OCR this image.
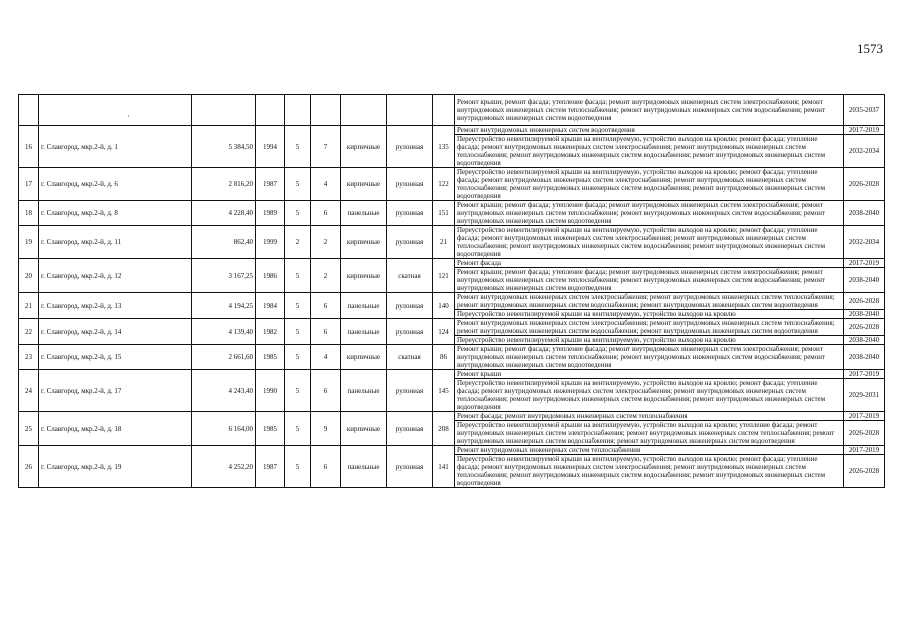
1573
·
									Ремонт крыши; ремонт фасада; утепление фасада; ремонт внутридомовых инженерных систем электроснабжения; ремонт внутридомовых инженерных систем теплоснабжения; ремонт внутридомовых инженерных систем водоснабжения; ремонт внутридомовых инженерных систем водоотведения	2035-2037
16	г. Славгород, мкр.2-й, д. 1	5 384,50	1994	5	7	кирпичные	рулонная	135	Ремонт внутридомовых инженерных систем водоотведения	2017-2019
									Переустройство невентилируемой крыши на вентилируемую, устройство выходов на кровлю; ремонт фасада; утепление фасада; ремонт внутридомовых инженерных систем электроснабжения; ремонт внутридомовых инженерных систем теплоснабжения; ремонт внутридомовых инженерных систем водоснабжения; ремонт внутридомовых инженерных систем водоотведения	2032-2034
17	г. Славгород, мкр.2-й, д. 6	2 816,20	1987	5	4	кирпичные	рулонная	122	Переустройство невентилируемой крыши на вентилируемую, устройство выходов на кровлю; ремонт фасада; утепление фасада; ремонт внутридомовых инженерных систем электроснабжения; ремонт внутридомовых инженерных систем теплоснабжения; ремонт внутридомовых инженерных систем водоснабжения; ремонт внутридомовых инженерных систем водоотведения	2026-2028
18	г. Славгород, мкр.2-й, д. 8	4 228,40	1989	5	6	панельные	рулонная	151	Ремонт крыши; ремонт фасада; утепление фасада; ремонт внутридомовых инженерных систем электроснабжения; ремонт внутридомовых инженерных систем теплоснабжения; ремонт внутридомовых инженерных систем водоснабжения; ремонт внутридомовых инженерных систем водоотведения	2038-2040
19	г. Славгород, мкр.2-й, д. 11	862,40	1999	2	2	кирпичные	рулонная	21	Переустройство невентилируемой крыши на вентилируемую, устройство выходов на кровлю; ремонт фасада; утепление фасада; ремонт внутридомовых инженерных систем электроснабжения; ремонт внутридомовых инженерных систем теплоснабжения; ремонт внутридомовых инженерных систем водоснабжения; ремонт внутридомовых инженерных систем водоотведения	2032-2034
20	г. Славгород, мкр.2-й, д. 12	3 167,25	1986	5	2	кирпичные	скатная	121	Ремонт фасада	2017-2019
									Ремонт крыши; ремонт фасада; утепление фасада; ремонт внутридомовых инженерных систем электроснабжения; ремонт внутридомовых инженерных систем теплоснабжения; ремонт внутридомовых инженерных систем водоснабжения; ремонт внутридомовых инженерных систем водоотведения	2038-2040
21	г. Славгород, мкр.2-й, д. 13	4 194,25	1984	5	6	панельные	рулонная	140	Ремонт внутридомовых инженерных систем электроснабжения; ремонт внутридомовых инженерных систем теплоснабжения; ремонт внутридомовых инженерных систем водоснабжения; ремонт внутридомовых инженерных систем водоотведения	2026-2028
									Переустройство невентилируемой крыши на вентилируемую, устройство выходов на кровлю	2038-2040
22	г. Славгород, мкр.2-й, д. 14	4 139,40	1982	5	6	панельные	рулонная	124	Ремонт внутридомовых инженерных систем электроснабжения; ремонт внутридомовых инженерных систем теплоснабжения; ремонт внутридомовых инженерных систем водоснабжения; ремонт внутридомовых инженерных систем водоотведения	2026-2028
									Переустройство невентилируемой крыши на вентилируемую, устройство выходов на кровлю	2038-2040
23	г. Славгород, мкр.2-й, д. 15	2 661,60	1985	5	4	кирпичные	скатная	86	Ремонт крыши; ремонт фасада; утепление фасада; ремонт внутридомовых инженерных систем электроснабжения; ремонт внутридомовых инженерных систем теплоснабжения; ремонт внутридомовых инженерных систем водоснабжения; ремонт внутридомовых инженерных систем водоотведения	2038-2040
24	г. Славгород, мкр.2-й, д. 17	4 243,40	1990	5	6	панельные	рулонная	145	Ремонт крыши	2017-2019
									Переустройство невентилируемой крыши на вентилируемую, устройство выходов на кровлю; ремонт фасада; утепление фасада; ремонт внутридомовых инженерных систем электроснабжения; ремонт внутридомовых инженерных систем теплоснабжения; ремонт внутридомовых инженерных систем водоснабжения; ремонт внутридомовых инженерных систем водоотведения	2029-2031
25	г. Славгород, мкр.2-й, д. 18	6 164,00	1985	5	9	кирпичные	рулонная	208	Ремонт фасада; ремонт внутридомовых инженерных систем теплоснабжения	2017-2019
									Переустройство невентилируемой крыши на вентилируемую, устройство выходов на кровлю; утепление фасада; ремонт внутридомовых инженерных систем электроснабжения; ремонт внутридомовых инженерных систем теплоснабжения; ремонт внутридомовых инженерных систем водоснабжения; ремонт внутридомовых инженерных систем водоотведения	2026-2028
26	г. Славгород, мкр.2-й, д. 19	4 252,20	1987	5	6	панельные	рулонная	141	Ремонт внутридомовых инженерных систем теплоснабжения	2017-2019
									Переустройство невентилируемой крыши на вентилируемую, устройство выходов на кровлю; ремонт фасада; утепление фасада; ремонт внутридомовых инженерных систем электроснабжения; ремонт внутридомовых инженерных систем теплоснабжения; ремонт внутридомовых инженерных систем водоснабжения; ремонт внутридомовых инженерных систем водоотведения	2026-2028
